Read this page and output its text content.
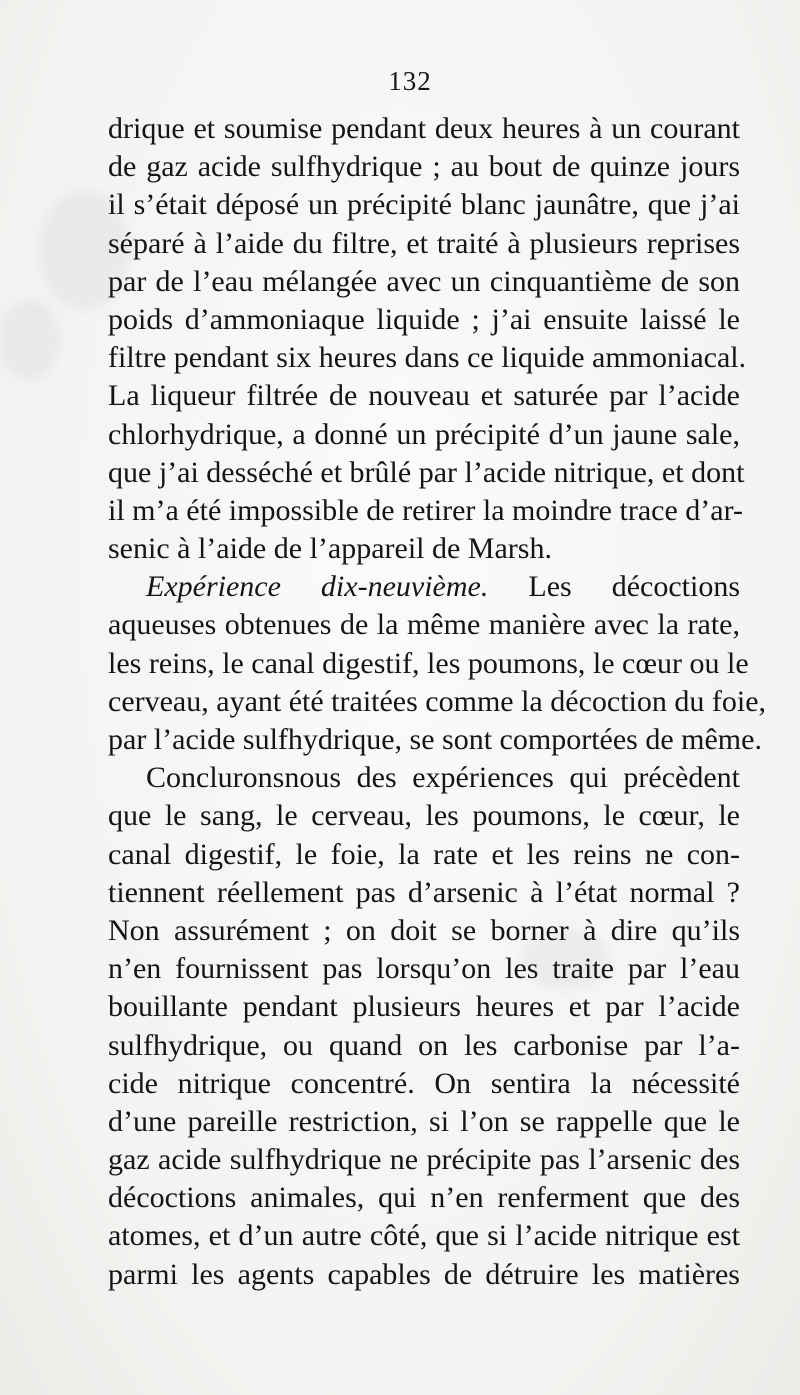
132
drique et soumise pendant deux heures à un courant
de gaz acide sulfhydrique ; au bout de quinze jours
il s’était déposé un précipité blanc jaunâtre, que j’ai
séparé à l’aide du filtre, et traité à plusieurs reprises
par de l’eau mélangée avec un cinquantième de son
poids d’ammoniaque liquide ; j’ai ensuite laissé le
filtre pendant six heures dans ce liquide ammoniacal.
La liqueur filtrée de nouveau et saturée par l’acide
chlorhydrique, a donné un précipité d’un jaune sale,
que j’ai desséché et brûlé par l’acide nitrique, et dont
il m’a été impossible de retirer la moindre trace d’ar-
senic à l’aide de l’appareil de Marsh.
Expérience dix-neuvième. Les décoctions
aqueuses obtenues de la même manière avec la rate,
les reins, le canal digestif, les poumons, le cœur ou le
cerveau, ayant été traitées comme la décoction du foie,
par l’acide sulfhydrique, se sont comportées de même.
Concluronsnous des expériences qui précèdent
que le sang, le cerveau, les poumons, le cœur, le
canal digestif, le foie, la rate et les reins ne con-
tiennent réellement pas d’arsenic à l’état normal ?
Non assurément ; on doit se borner à dire qu’ils
n’en fournissent pas lorsqu’on les traite par l’eau
bouillante pendant plusieurs heures et par l’acide
sulfhydrique, ou quand on les carbonise par l’a-
cide nitrique concentré. On sentira la nécessité
d’une pareille restriction, si l’on se rappelle que le
gaz acide sulfhydrique ne précipite pas l’arsenic des
décoctions animales, qui n’en renferment que des
atomes, et d’un autre côté, que si l’acide nitrique est
parmi les agents capables de détruire les matières
